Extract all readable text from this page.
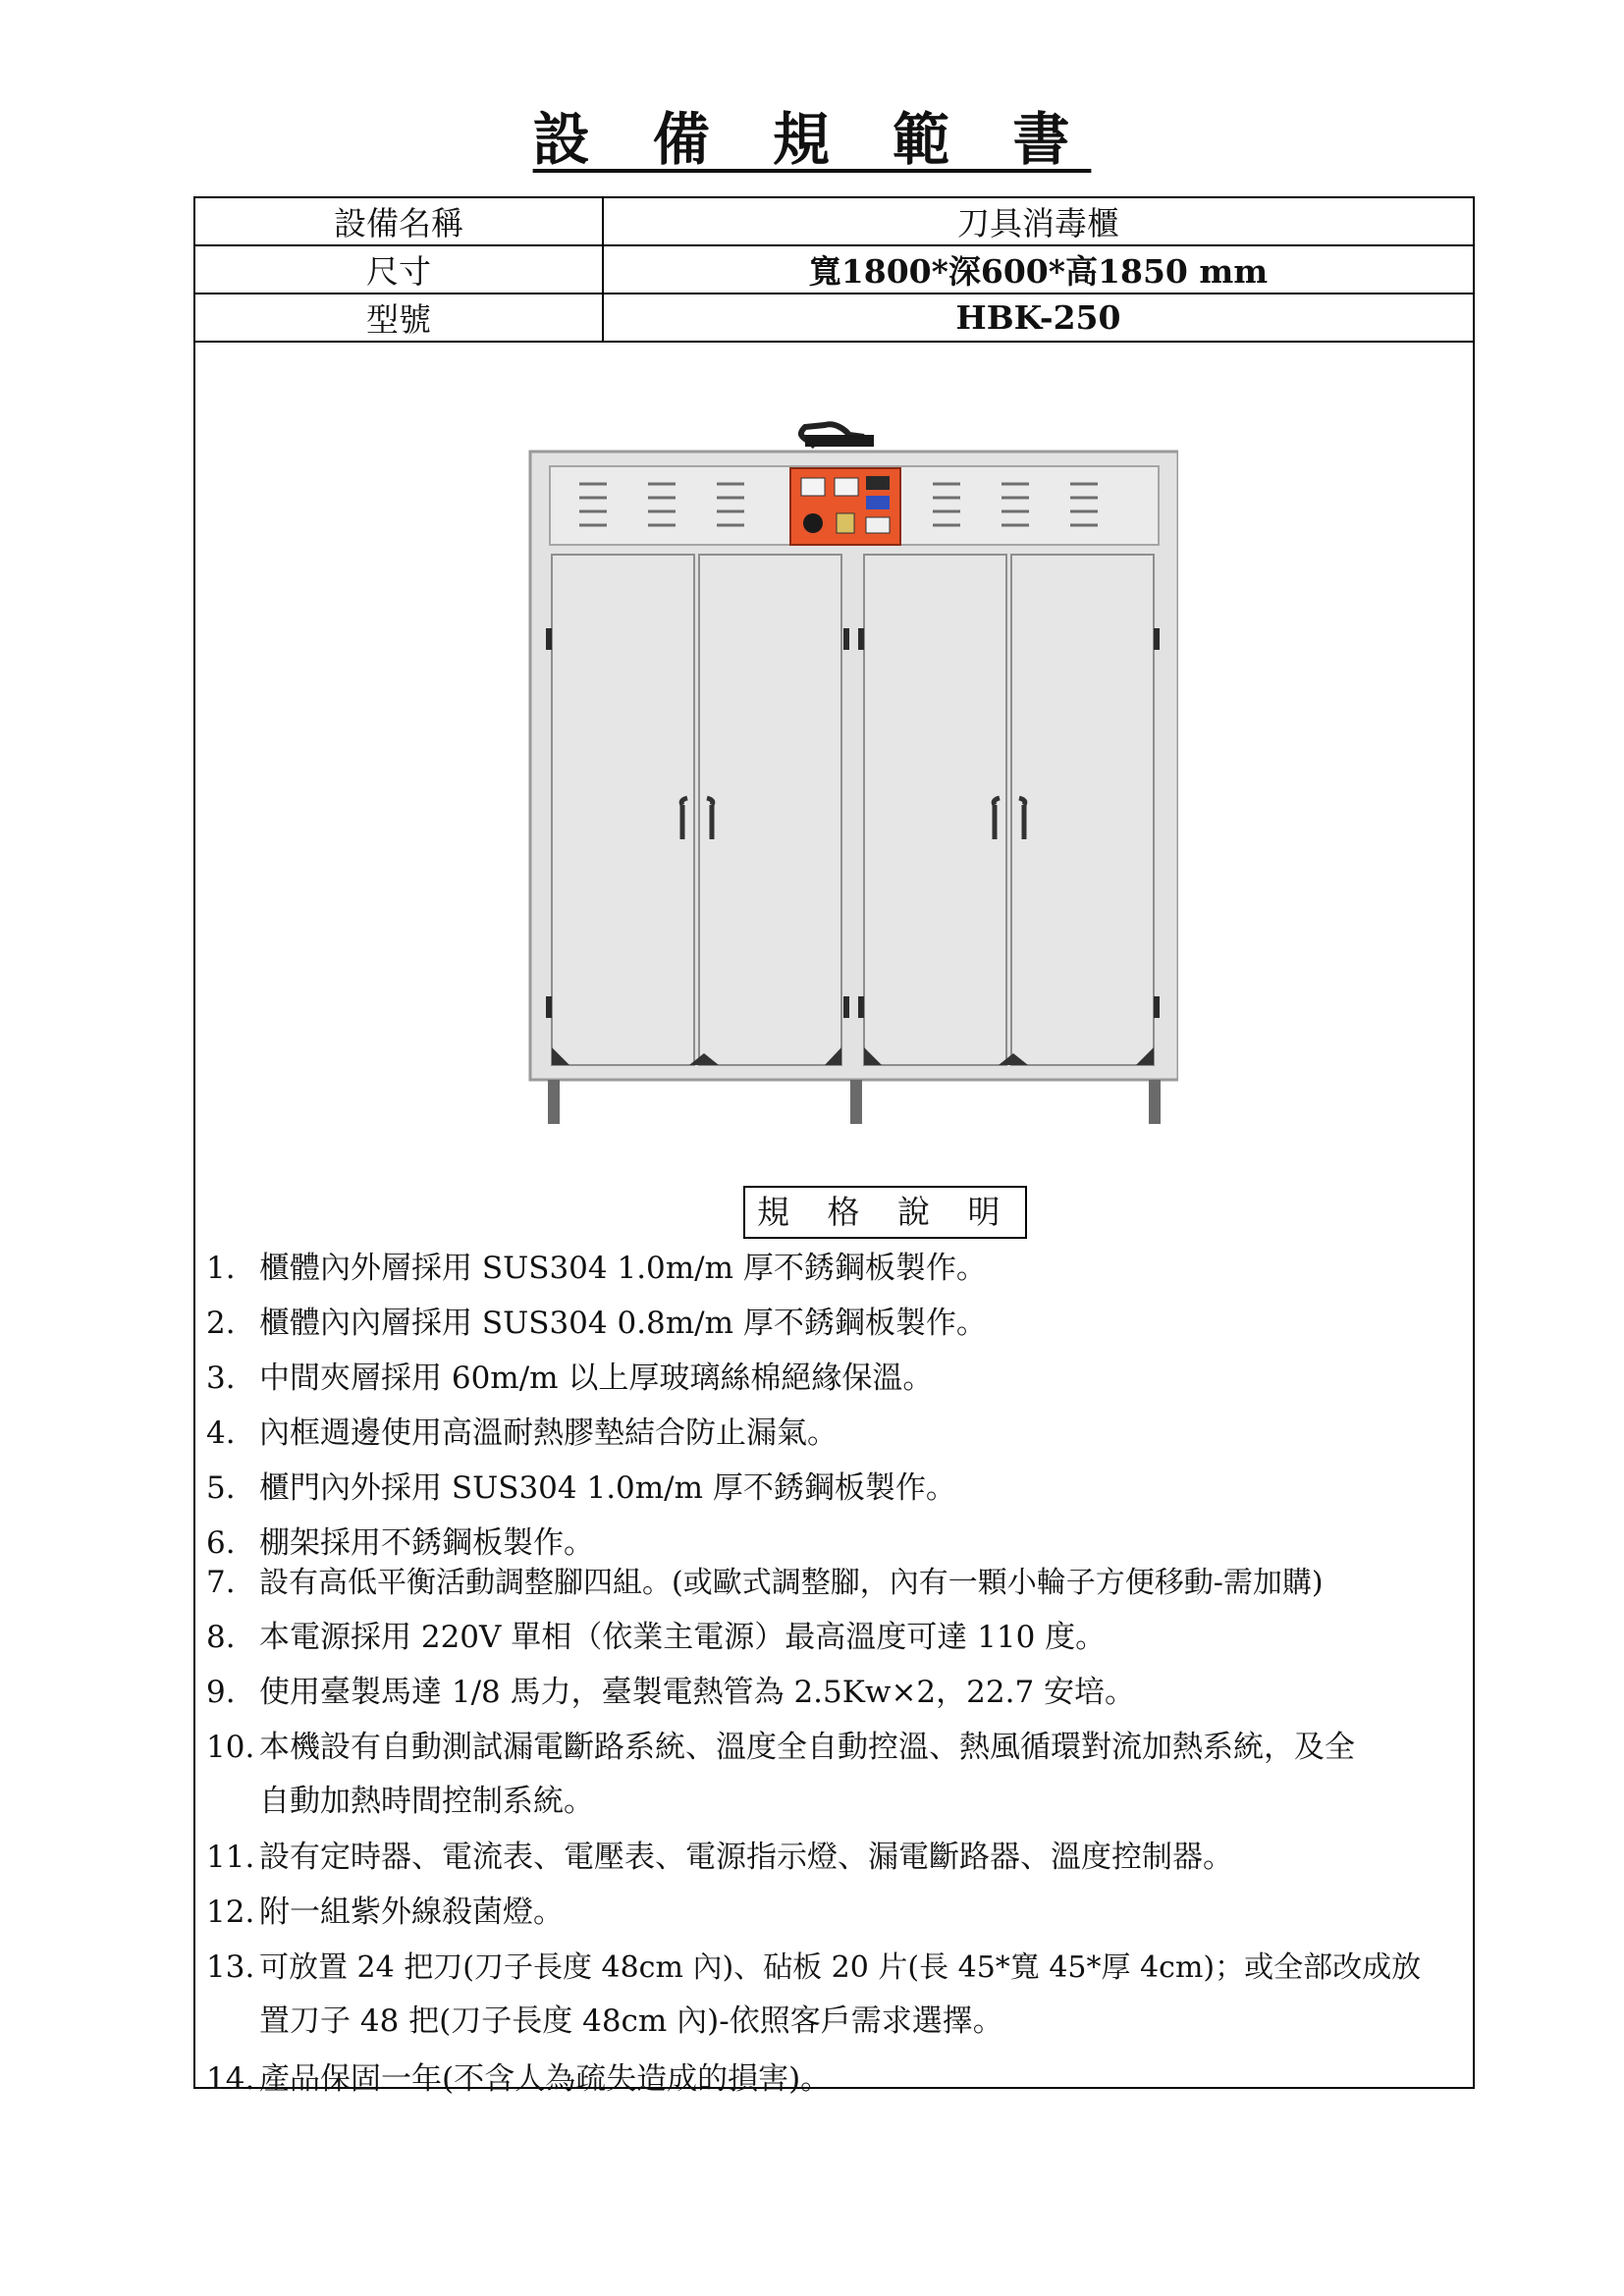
設 備 規 範 書
設備名稱	刀具消毒櫃
尺寸	寬1800*深600*高1850 mm
型號	HBK-250
規 格 說 明
1. 櫃體內外層採用 SUS304 1.0m/m 厚不銹鋼板製作。
2. 櫃體內內層採用 SUS304 0.8m/m 厚不銹鋼板製作。
3. 中間夾層採用 60m/m 以上厚玻璃絲棉絕緣保溫。
4. 內框週邊使用高溫耐熱膠墊結合防止漏氣。
5. 櫃門內外採用 SUS304 1.0m/m 厚不銹鋼板製作。
6. 棚架採用不銹鋼板製作。
7. 設有高低平衡活動調整腳四組。(或歐式調整腳，內有一顆小輪子方便移動-需加購)
8. 本電源採用 220V 單相（依業主電源）最高溫度可達 110 度。
9. 使用臺製馬達 1/8 馬力，臺製電熱管為 2.5Kw×2，22.7 安培。
10. 本機設有自動測試漏電斷路系統、溫度全自動控溫、熱風循環對流加熱系統，及全
自動加熱時間控制系統。
11. 設有定時器、電流表、電壓表、電源指示燈、漏電斷路器、溫度控制器。
12. 附一組紫外線殺菌燈。
13. 可放置 24 把刀(刀子長度 48cm 內)、砧板 20 片(長 45*寬 45*厚 4cm)；或全部改成放
置刀子 48 把(刀子長度 48cm 內)-依照客戶需求選擇。
14. 產品保固一年(不含人為疏失造成的損害)。
